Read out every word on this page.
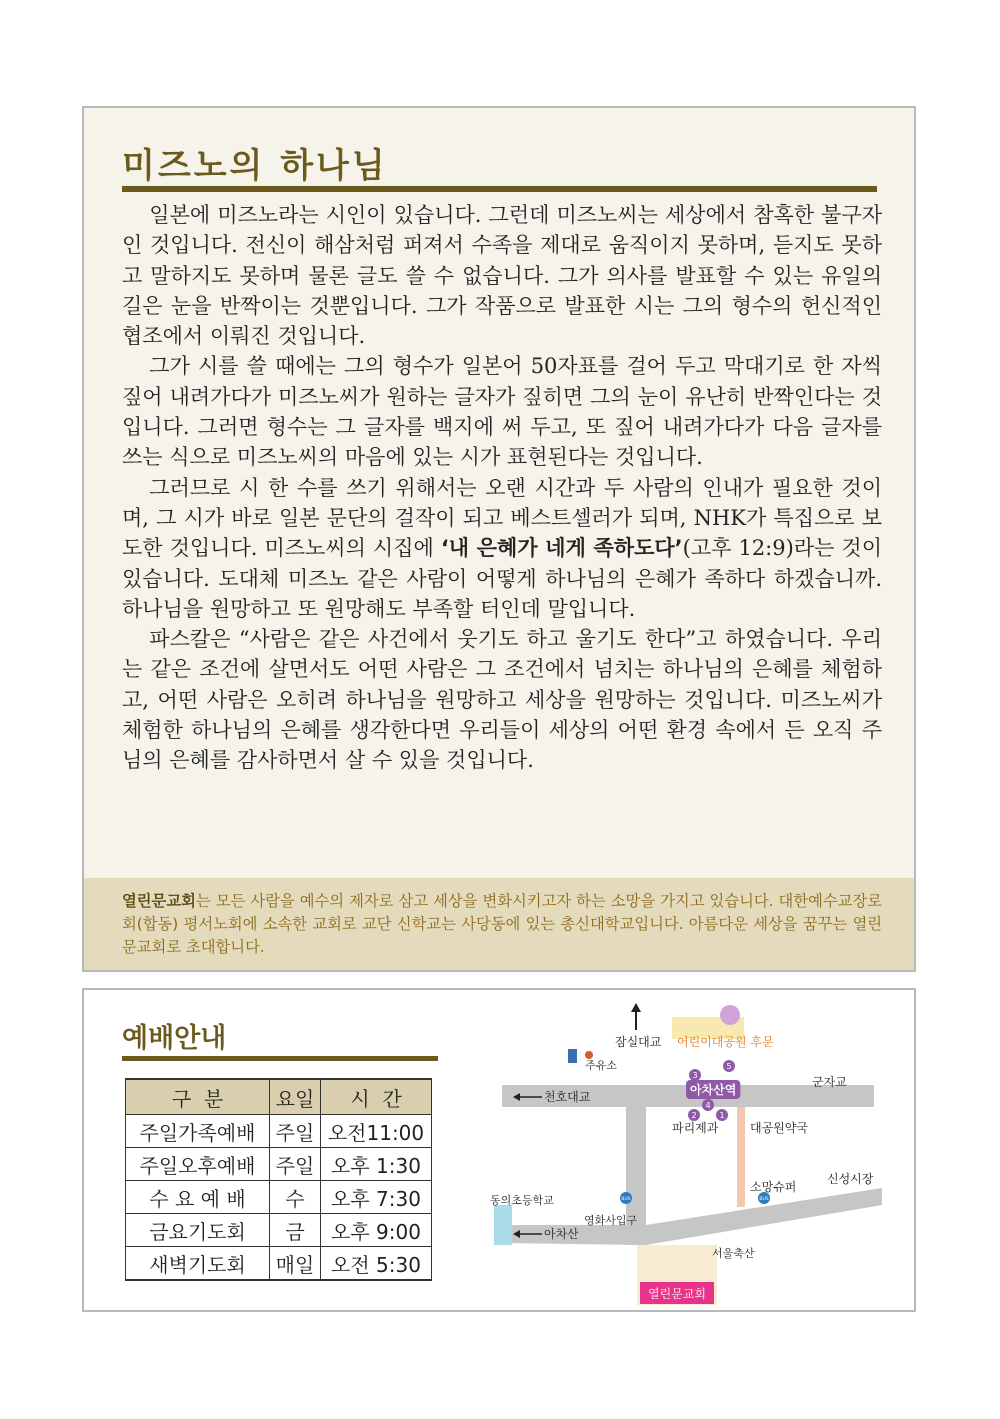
미즈노의 하나님

일본에 미즈노라는 시인이 있습니다. 그런데 미즈노씨는 세상에서 참혹한 불구자인 것입니다. 전신이 해삼처럼 퍼져서 수족을 제대로 움직이지 못하며, 듣지도 못하고 말하지도 못하며 물론 글도 쓸 수 없습니다. 그가 의사를 발표할 수 있는 유일의 길은 눈을 반짝이는 것뿐입니다. 그가 작품으로 발표한 시는 그의 형수의 헌신적인 협조에서 이뤄진 것입니다.

그가 시를 쓸 때에는 그의 형수가 일본어 50자표를 걸어 두고 막대기로 한 자씩 짚어 내려가다가 미즈노씨가 원하는 글자가 짚히면 그의 눈이 유난히 반짝인다는 것입니다. 그러면 형수는 그 글자를 백지에 써 두고, 또 짚어 내려가다가 다음 글자를 쓰는 식으로 미즈노씨의 마음에 있는 시가 표현된다는 것입니다.

그러므로 시 한 수를 쓰기 위해서는 오랜 시간과 두 사람의 인내가 필요한 것이며, 그 시가 바로 일본 문단의 걸작이 되고 베스트셀러가 되며, NHK가 특집으로 보도한 것입니다. 미즈노씨의 시집에 ‘내 은혜가 네게 족하도다’(고후 12:9)라는 것이 있습니다. 도대체 미즈노 같은 사람이 어떻게 하나님의 은혜가 족하다 하겠습니까. 하나님을 원망하고 또 원망해도 부족할 터인데 말입니다.

파스칼은 “사람은 같은 사건에서 웃기도 하고 울기도 한다”고 하였습니다. 우리는 같은 조건에 살면서도 어떤 사람은 그 조건에서 넘치는 하나님의 은혜를 체험하고, 어떤 사람은 오히려 하나님을 원망하고 세상을 원망하는 것입니다. 미즈노씨가 체험한 하나님의 은혜를 생각한다면 우리들이 세상의 어떤 환경 속에서 든 오직 주님의 은혜를 감사하면서 살 수 있을 것입니다.

열린문교회는 모든 사람을 예수의 제자로 삼고 세상을 변화시키고자 하는 소망을 가지고 있습니다. 대한예수교장로회(합동) 평서노회에 소속한 교회로 교단 신학교는 사당동에 있는 총신대학교입니다. 아름다운 세상을 꿈꾸는 열린문교회로 초대합니다.

예배안내
구  분	요일	시  간
주일가족예배	주일	오전11:00
주일오후예배	주일	오후 1:30
수 요 예 배	수	오후 7:30
금요기도회	금	오후 9:00
새벽기도회	매일	오전 5:30
3
5
4
2	1
BUS	BUS
잠실대교 어린이대공원 후문
주유소
천호대교	아차산역
군자교
파리제과	대공원약국
소망슈퍼
신성시장
동의초등학교
영화사입구
아차산
서울축산
열린문교회
